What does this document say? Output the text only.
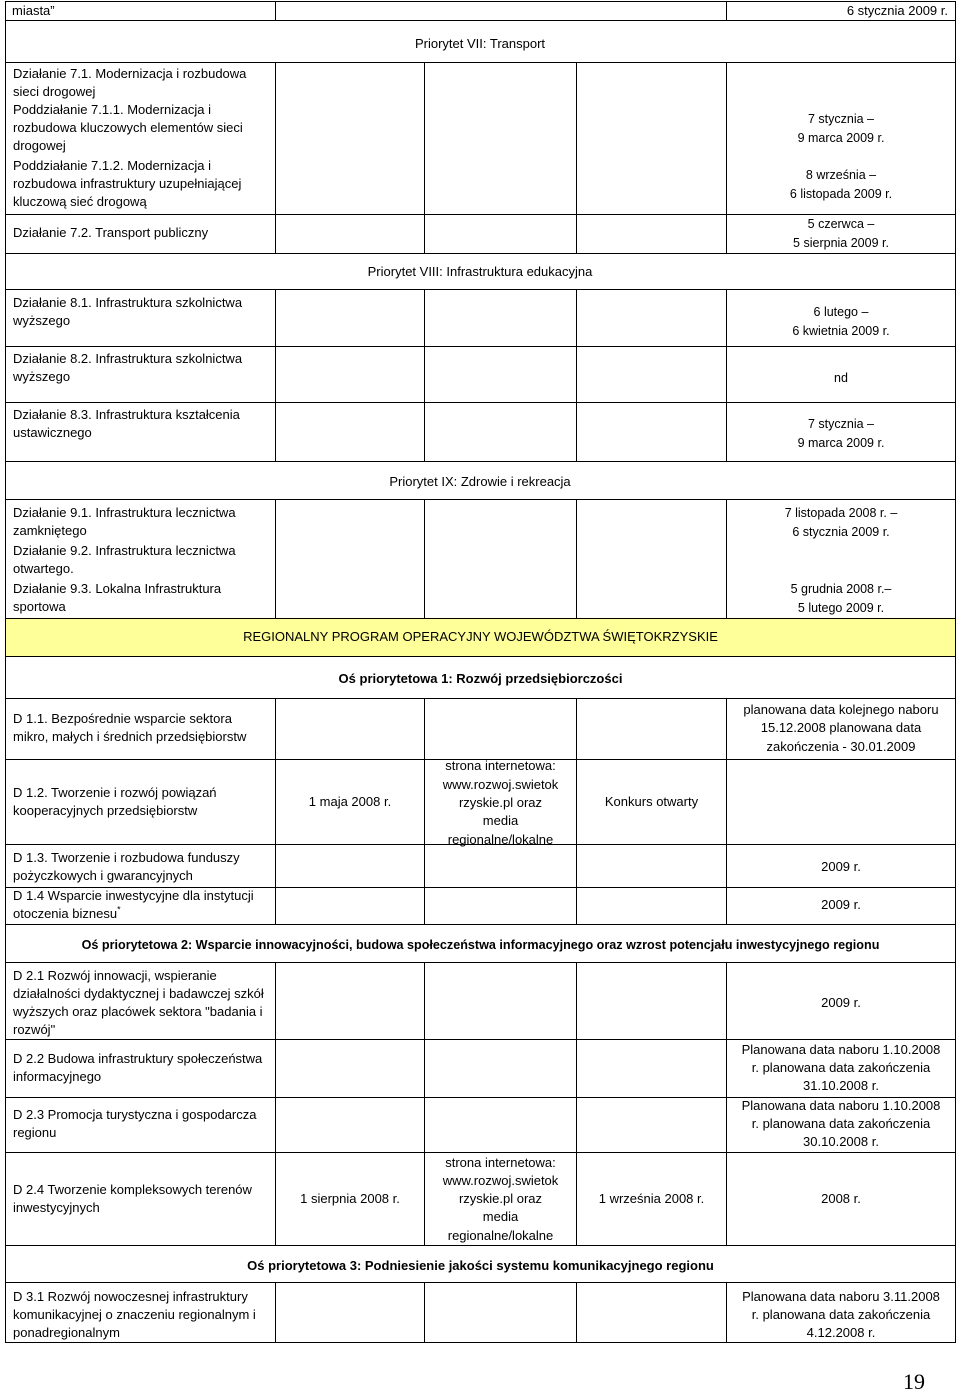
miasta”	6 stycznia 2009 r.
Priorytet VII: Transport
Działanie 7.1. Modernizacja i rozbudowa sieci drogowej
Poddziałanie 7.1.1. Modernizacja i rozbudowa kluczowych elementów sieci drogowej
Poddziałanie 7.1.2. Modernizacja i rozbudowa infrastruktury uzupełniającej kluczową sieć drogową
Działanie 7.2. Transport publiczny
7 stycznia –
9 marca 2009 r.
8 września –
6 listopada 2009 r.
5 czerwca –
5 sierpnia 2009 r.
Priorytet VIII: Infrastruktura edukacyjna
Działanie 8.1. Infrastruktura szkolnictwa wyższego
Działanie 8.2. Infrastruktura szkolnictwa wyższego
Działanie 8.3. Infrastruktura kształcenia ustawicznego
6 lutego –
6 kwietnia 2009 r.
nd
7 stycznia –
9 marca 2009 r.
Priorytet IX: Zdrowie i rekreacja
Działanie 9.1. Infrastruktura lecznictwa zamkniętego
Działanie 9.2. Infrastruktura lecznictwa otwartego.
Działanie 9.3. Lokalna Infrastruktura sportowa
7 listopada 2008 r. –
6 stycznia 2009 r.
5 grudnia 2008 r.–
5 lutego 2009 r.
REGIONALNY PROGRAM OPERACYJNY WOJEWÓDZTWA ŚWIĘTOKRZYSKIE
Oś priorytetowa 1: Rozwój przedsiębiorczości
D 1.1. Bezpośrednie wsparcie sektora mikro, małych i średnich przedsiębiorstw
D 1.2. Tworzenie i rozwój powiązań kooperacyjnych przedsiębiorstw
D 1.3. Tworzenie i rozbudowa funduszy pożyczkowych i gwarancyjnych
D 1.4 Wsparcie inwestycyjne dla instytucji otoczenia biznesu*
1 maja 2008 r.
strona internetowa:
www.rozwoj.swietok
rzyskie.pl oraz
media
regionalne/lokalne
Konkurs otwarty
planowana data kolejnego naboru
15.12.2008 planowana data
zakończenia - 30.01.2009
2009 r.
2009 r.
Oś priorytetowa 2: Wsparcie innowacyjności, budowa społeczeństwa informacyjnego oraz wzrost potencjału inwestycyjnego regionu
D 2.1 Rozwój innowacji, wspieranie działalności dydaktycznej i badawczej szkół wyższych oraz placówek sektora "badania i rozwój"
D 2.2 Budowa infrastruktury społeczeństwa informacyjnego
D 2.3 Promocja turystyczna i gospodarcza regionu
D 2.4 Tworzenie kompleksowych terenów inwestycyjnych
1 sierpnia 2008 r.
strona internetowa:
www.rozwoj.swietok
rzyskie.pl oraz
media
regionalne/lokalne
1 września 2008 r.
2009 r.
Planowana data naboru 1.10.2008
r. planowana data zakończenia
31.10.2008 r.
Planowana data naboru 1.10.2008
r. planowana data zakończenia
30.10.2008 r.
2008 r.
Oś priorytetowa 3: Podniesienie jakości systemu komunikacyjnego regionu
D 3.1 Rozwój nowoczesnej infrastruktury komunikacyjnej o znaczeniu regionalnym i ponadregionalnym
Planowana data naboru 3.11.2008
r. planowana data zakończenia
4.12.2008 r.
19
